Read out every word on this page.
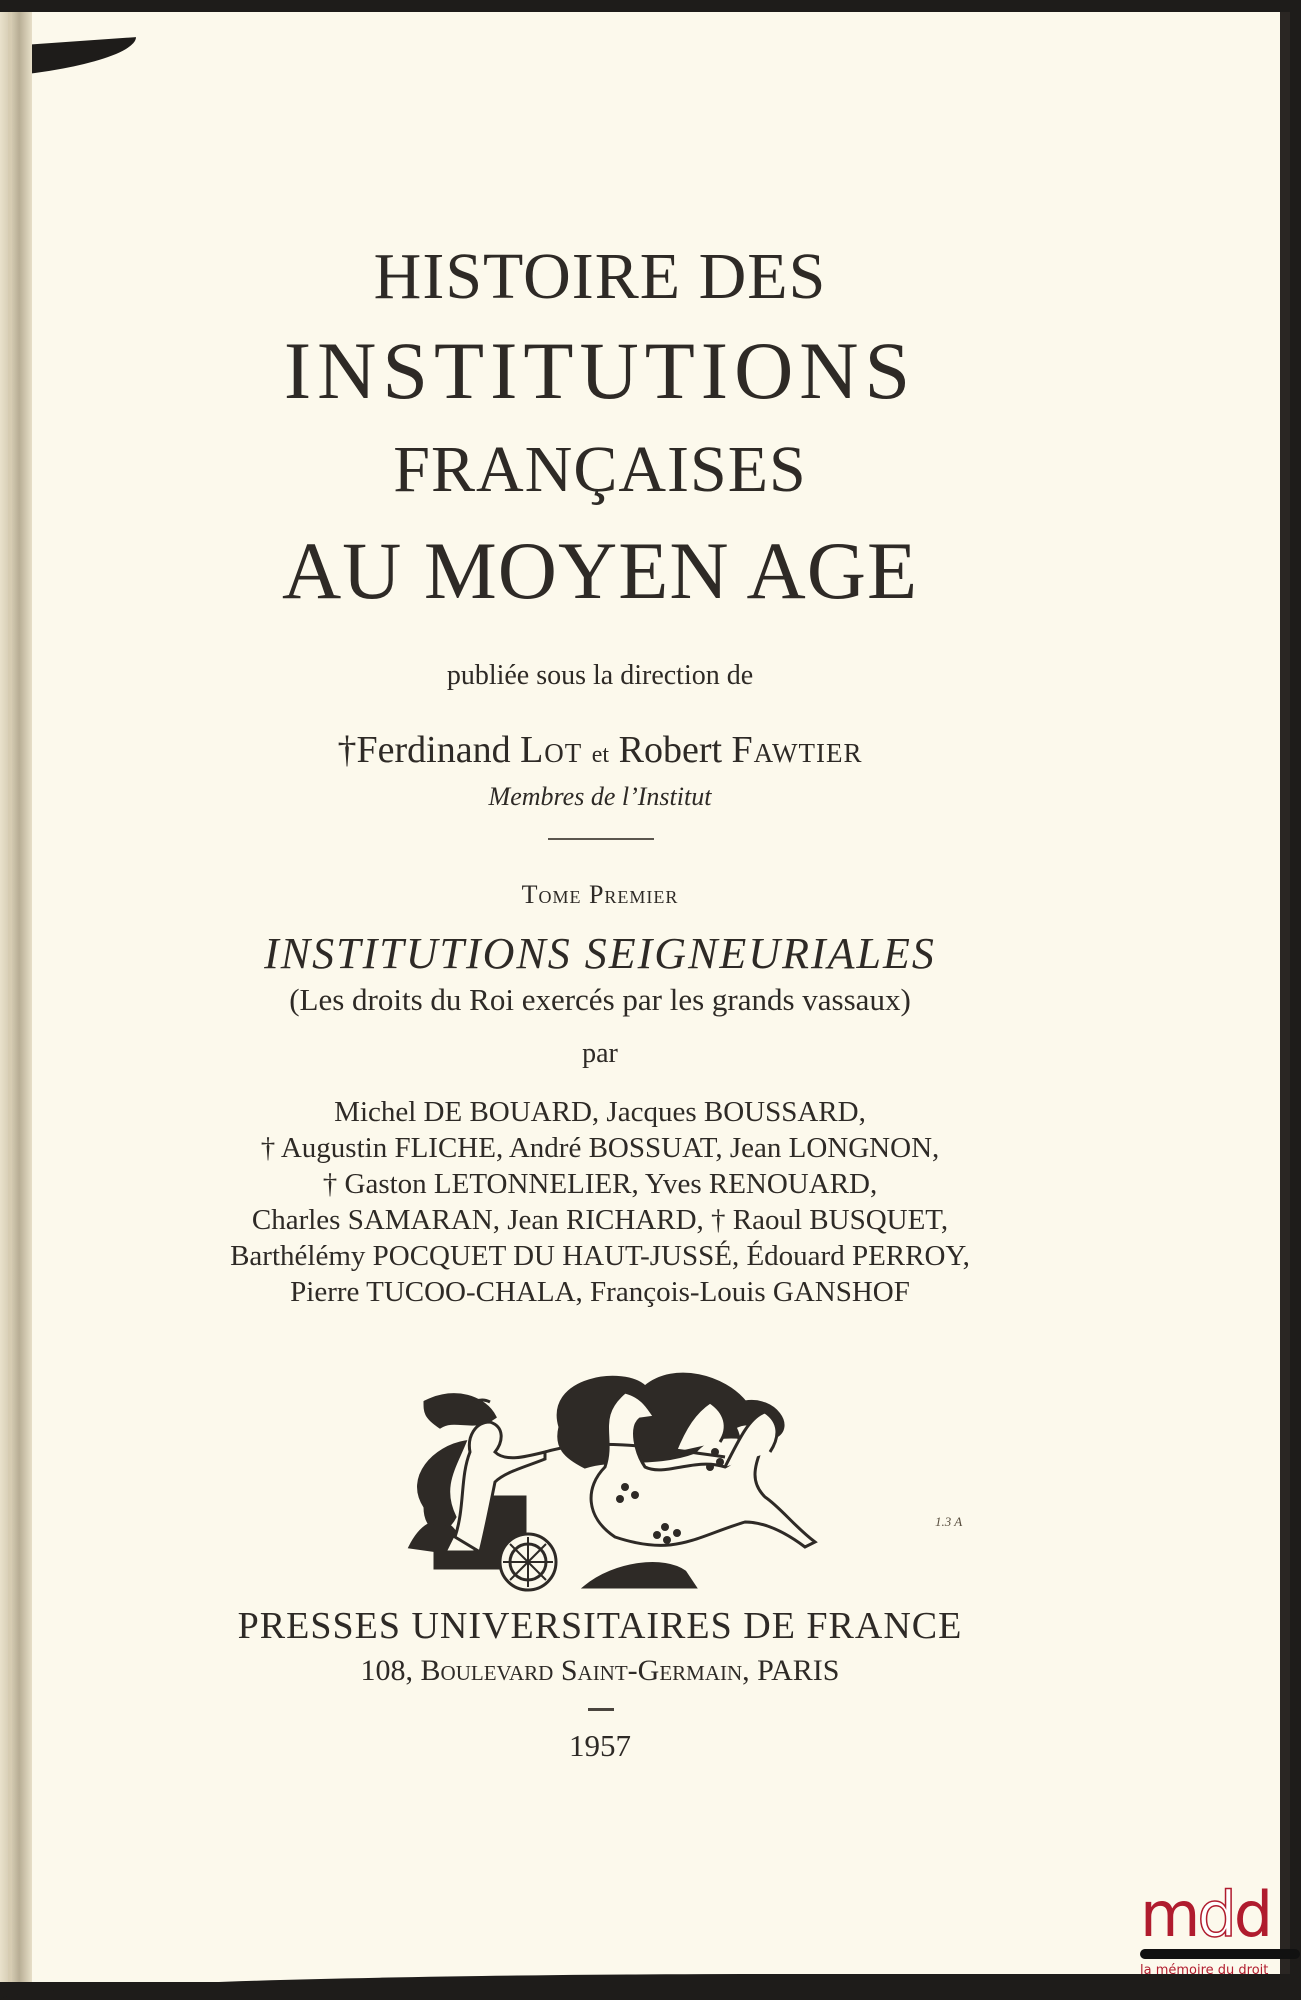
HISTOIRE DES
INSTITUTIONS
FRANÇAISES
AU MOYEN AGE
publiée sous la direction de
†Ferdinand Lot et Robert Fawtier
Membres de l’Institut
Tome Premier
INSTITUTIONS SEIGNEURIALES
(Les droits du Roi exercés par les grands vassaux)
par
Michel DE BOUARD, Jacques BOUSSARD,
† Augustin FLICHE, André BOSSUAT, Jean LONGNON,
† Gaston LETONNELIER, Yves RENOUARD,
Charles SAMARAN, Jean RICHARD, † Raoul BUSQUET,
Barthélémy POCQUET DU HAUT-JUSSÉ, Édouard PERROY,
Pierre TUCOO-CHALA, François-Louis GANSHOF
1.3 A
PRESSES UNIVERSITAIRES DE FRANCE
108, Boulevard Saint-Germain, PARIS
1957
mdd
la mémoire du droit
